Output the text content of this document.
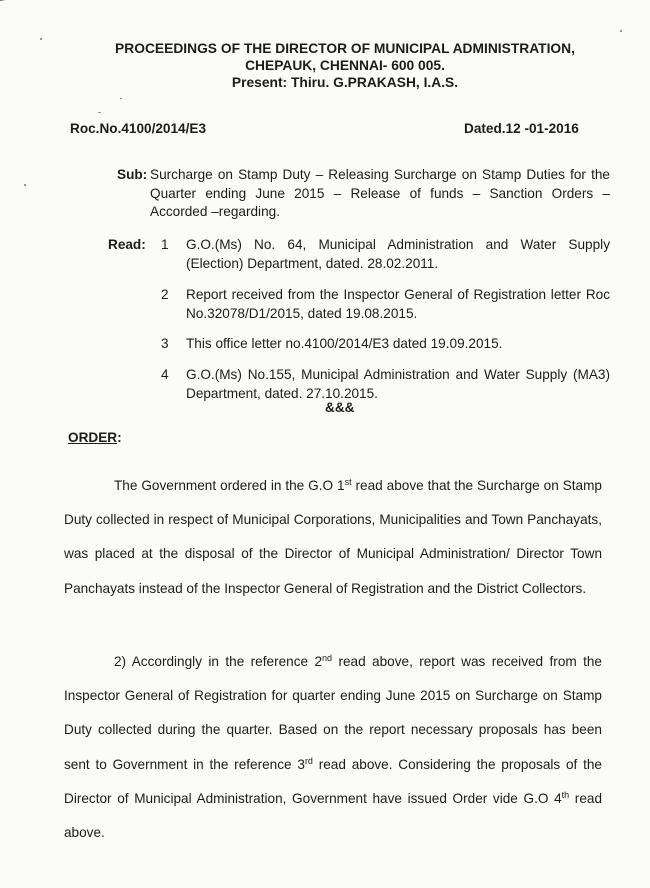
PROCEEDINGS OF THE DIRECTOR OF MUNICIPAL ADMINISTRATION,
CHEPAUK, CHENNAI- 600 005.
Present: Thiru. G.PRAKASH, I.A.S.
Roc.No.4100/2014/E3	Dated.12 -01-2016
Sub: Surcharge on Stamp Duty – Releasing Surcharge on Stamp Duties for the Quarter ending June 2015 – Release of funds – Sanction Orders – Accorded –regarding.
Read: 1 G.O.(Ms) No. 64, Municipal Administration and Water Supply (Election) Department, dated. 28.02.2011.
2 Report received from the Inspector General of Registration letter Roc No.32078/D1/2015, dated 19.08.2015.
3 This office letter no.4100/2014/E3 dated 19.09.2015.
4 G.O.(Ms) No.155, Municipal Administration and Water Supply (MA3) Department, dated. 27.10.2015.
&&&
ORDER:
The Government ordered in the G.O 1st read above that the Surcharge on Stamp Duty collected in respect of Municipal Corporations, Municipalities and Town Panchayats, was placed at the disposal of the Director of Municipal Administration/ Director Town Panchayats instead of the Inspector General of Registration and the District Collectors.
2) Accordingly in the reference 2nd read above, report was received from the Inspector General of Registration for quarter ending June 2015 on Surcharge on Stamp Duty collected during the quarter. Based on the report necessary proposals has been sent to Government in the reference 3rd read above. Considering the proposals of the Director of Municipal Administration, Government have issued Order vide G.O 4th read above.
